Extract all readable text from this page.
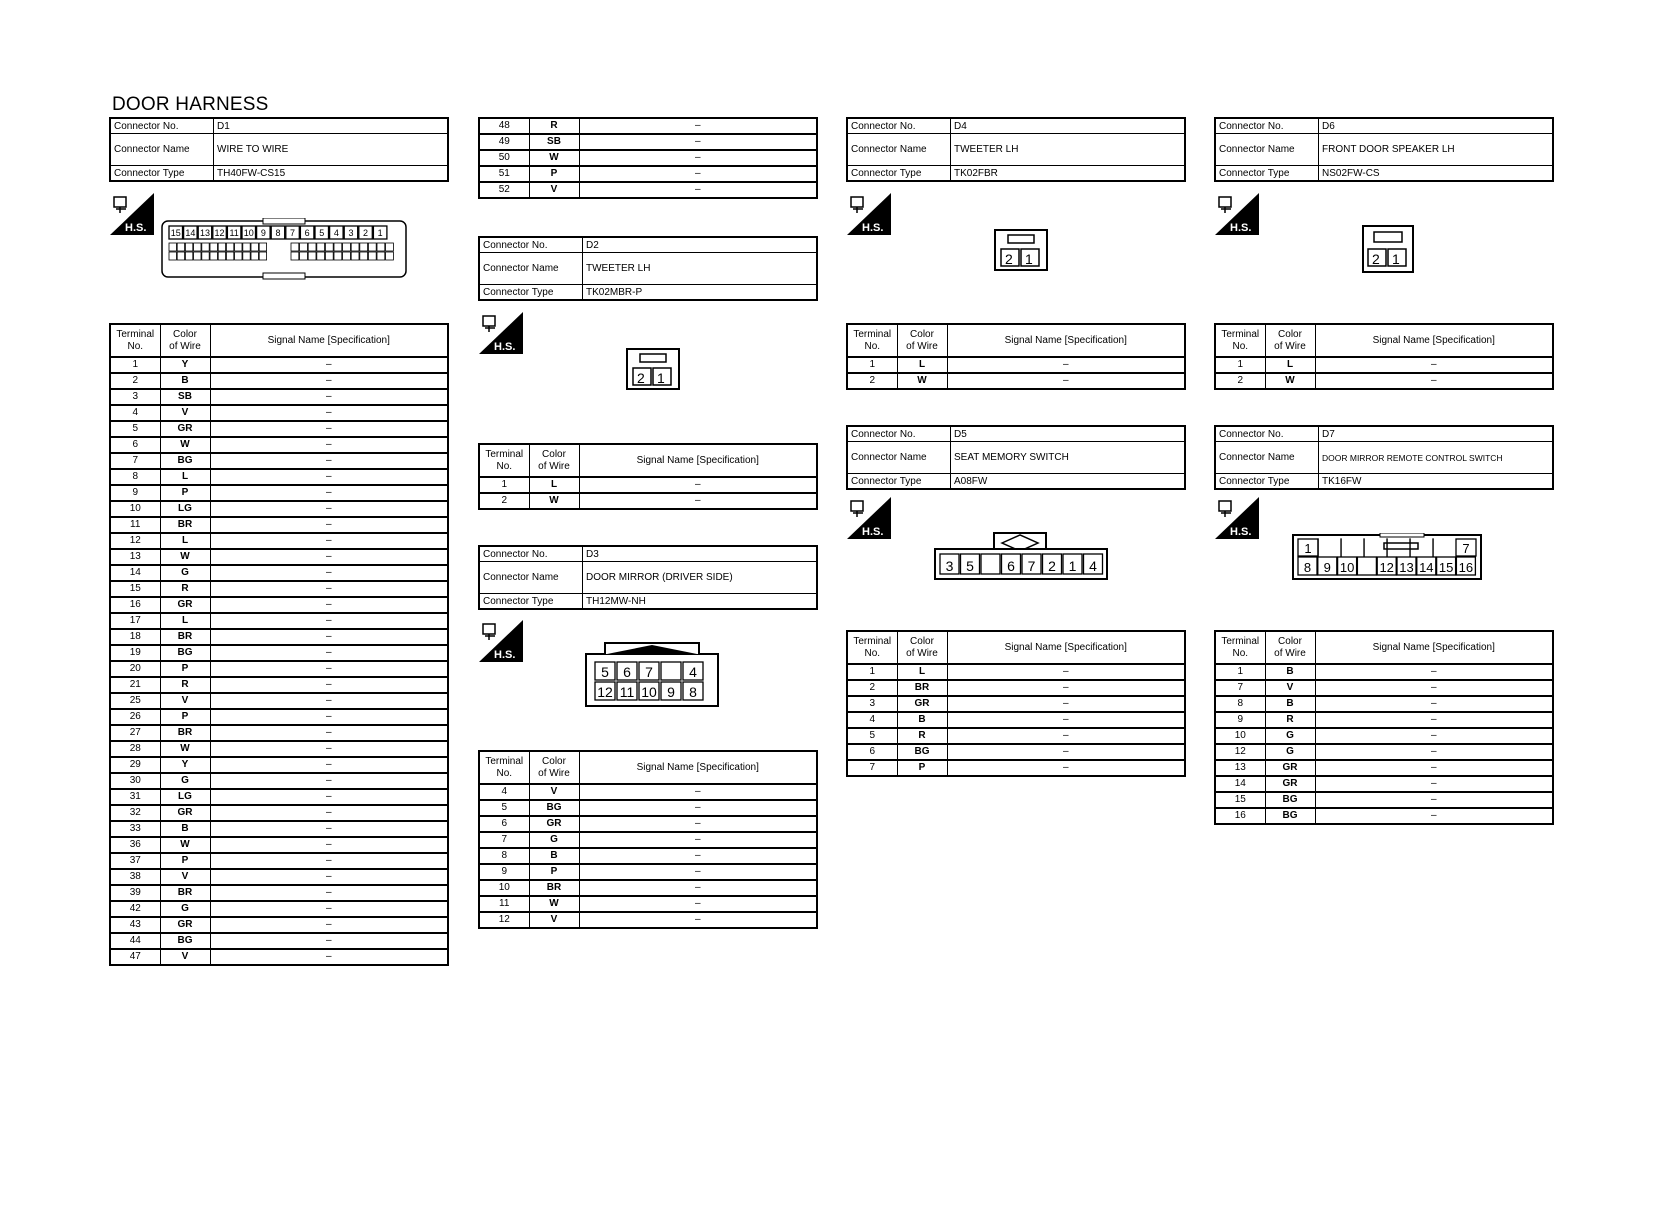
DOOR HARNESS
Connector No.	D1
Connector Name	WIRE TO WIRE
Connector Type	TH40FW-CS15
H.S.	15 14 13 12 11 10 9 8 7 6 5 4 3 2 1
Terminal
No.	Color
of Wire	Signal Name [Specification]
1	Y	–
2	B	–
3	SB	–
4	V	–
5	GR	–
6	W	–
7	BG	–
8	L	–
9	P	–
10	LG	–
11	BR	–
12	L	–
13	W	–
14	G	–
15	R	–
16	GR	–
17	L	–
18	BR	–
19	BG	–
20	P	–
21	R	–
25	V	–
26	P	–
27	BR	–
28	W	–
29	Y	–
30	G	–
31	LG	–
32	GR	–
33	B	–
36	W	–
37	P	–
38	V	–
39	BR	–
42	G	–
43	GR	–
44	BG	–
47	V	–
48	R	–
49	SB	–
50	W	–
51	P	–
52	V	–
Connector No.	D2
Connector Name	TWEETER LH
Connector Type	TK02MBR-P
H.S.
2 1
Terminal
No.	Color
of Wire	Signal Name [Specification]
1	L	–
2	W	–
Connector No.	D3
Connector Name	DOOR MIRROR (DRIVER SIDE)
Connector Type	TH12MW-NH
H.S.
5 6 7	4
12 11 10 9 8
Terminal
No.	Color
of Wire	Signal Name [Specification]
4	V	–
5	BG	–
6	GR	–
7	G	–
8	B	–
9	P	–
10	BR	–
11	W	–
12	V	–
Connector No.	D4
Connector Name	TWEETER LH
Connector Type	TK02FBR
H.S.
2 1
Terminal
No.	Color
of Wire	Signal Name [Specification]
1	L	–
2	W	–
Connector No.	D5
Connector Name	SEAT MEMORY SWITCH
Connector Type	A08FW
H.S.
3 5 6 7 2 1 4
Terminal
No.	Color
of Wire	Signal Name [Specification]
1	L	–
2	BR	–
3	GR	–
4	B	–
5	R	–
6	BG	–
7	P	–
Connector No.	D6
Connector Name	FRONT DOOR SPEAKER LH
Connector Type	NS02FW-CS
H.S.
2 1
Terminal
No.	Color
of Wire	Signal Name [Specification]
1	L	–
2	W	–
Connector No.	D7
Connector Name	DOOR MIRROR REMOTE CONTROL SWITCH
Connector Type	TK16FW
H.S.
1	7
8 9 10 12 13 14 15 16
Terminal
No.	Color
of Wire	Signal Name [Specification]
1	B	–
7	V	–
8	B	–
9	R	–
10	G	–
12	G	–
13	GR	–
14	GR	–
15	BG	–
16	BG	–
